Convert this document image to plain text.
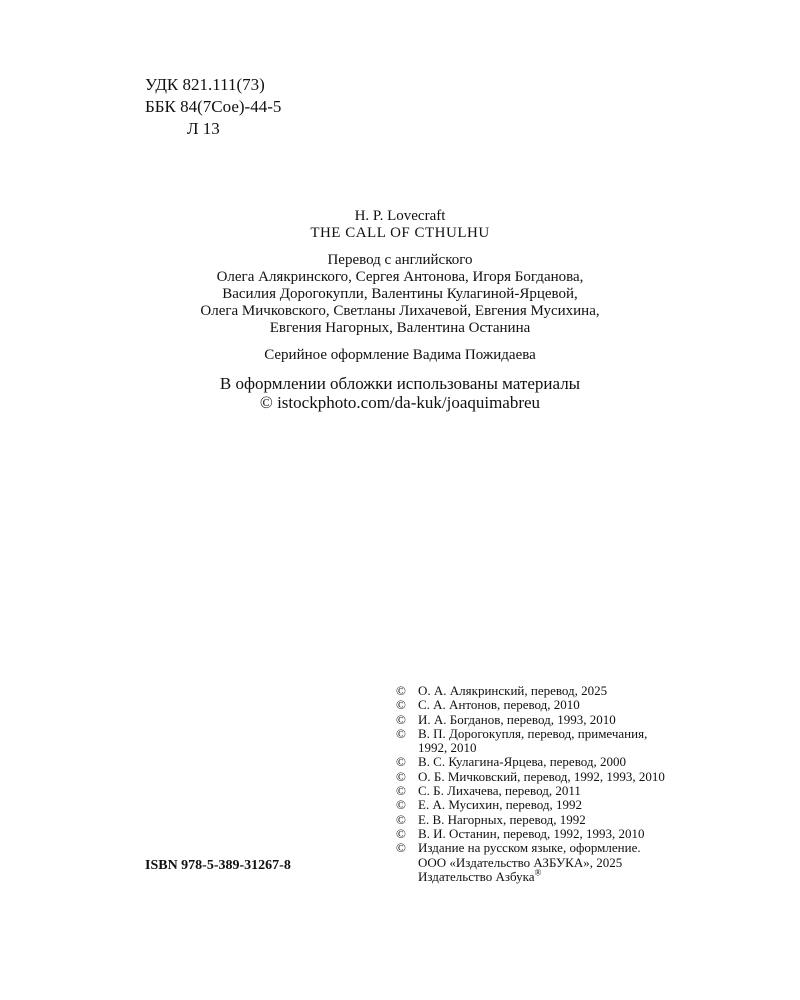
УДК 821.111(73)
ББК 84(7Сое)-44-5
Л 13
H. P. Lovecraft
THE CALL OF CTHULHU
Перевод с английского
Олега Алякринского, Сергея Антонова, Игоря Богданова,
Василия Дорогокупли, Валентины Кулагиной-Ярцевой,
Олега Мичковского, Светланы Лихачевой, Евгения Мусихина,
Евгения Нагорных, Валентина Останина
Серийное оформление Вадима Пожидаева
В оформлении обложки использованы материалы
© istockphoto.com/da-kuk/joaquimabreu
© О. А. Алякринский, перевод, 2025
© С. А. Антонов, перевод, 2010
© И. А. Богданов, перевод, 1993, 2010
© В. П. Дорогокупля, перевод, примечания,
1992, 2010
© В. С. Кулагина-Ярцева, перевод, 2000
© О. Б. Мичковский, перевод, 1992, 1993, 2010
© С. Б. Лихачева, перевод, 2011
© Е. А. Мусихин, перевод, 1992
© Е. В. Нагорных, перевод, 1992
© В. И. Останин, перевод, 1992, 1993, 2010
© Издание на русском языке, оформление.
ООО «Издательство АЗБУКА», 2025
Издательство Азбука®
ISBN 978-5-389-31267-8
